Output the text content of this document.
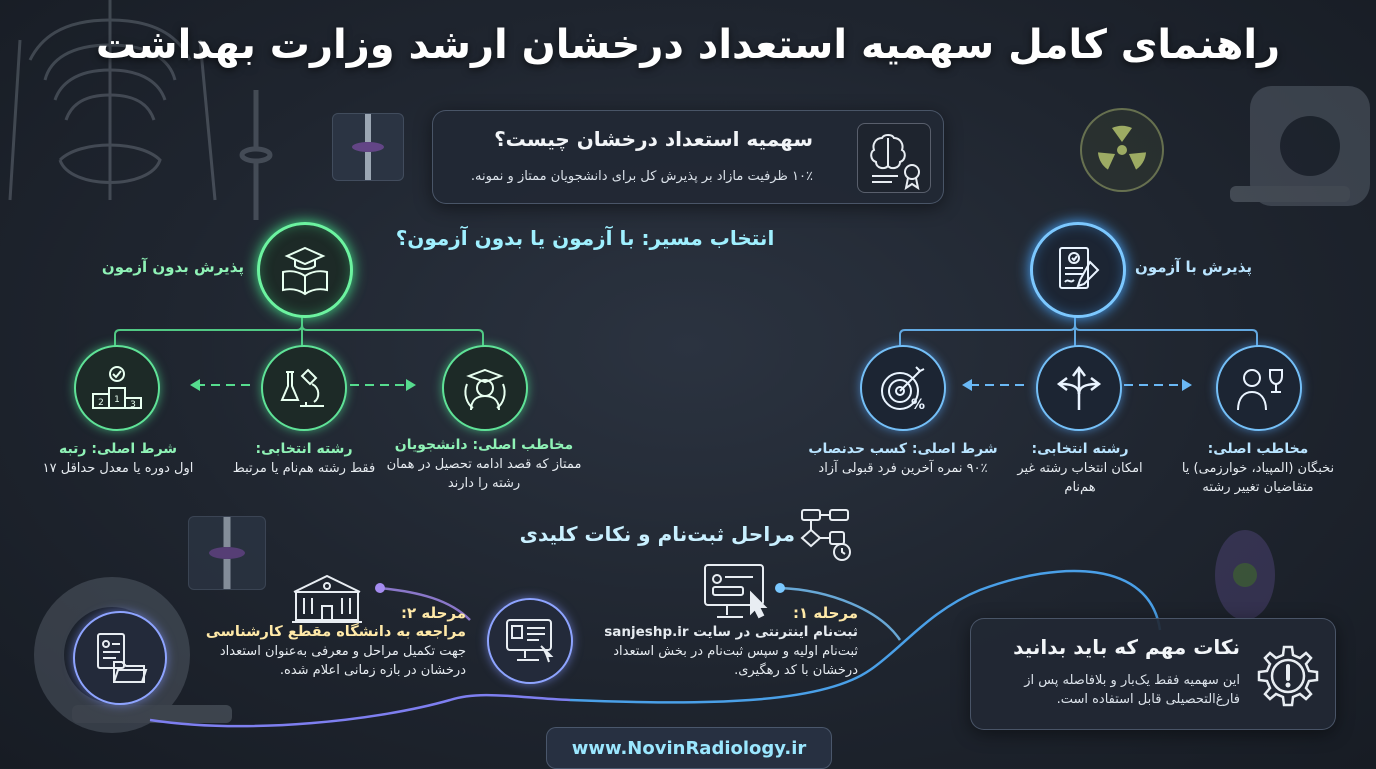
راهنمای کامل سهمیه استعداد درخشان ارشد وزارت بهداشت
سهمیه استعداد درخشان چیست؟
۱۰٪ ظرفیت مازاد بر پذیرش کل برای دانشجویان ممتاز و نمونه.
انتخاب مسیر: با آزمون یا بدون آزمون؟
پذیرش بدون آزمون
1
2	3
مخاطب اصلی: دانشجویان
ممتاز که قصد ادامه تحصیل در همان رشته را دارند
رشته انتخابی:
فقط رشته هم‌نام یا مرتبط
شرط اصلی: رتبه
اول دوره یا معدل حداقل ۱۷
پذیرش با آزمون
%
مخاطب اصلی:
نخبگان (المپیاد، خوارزمی) یا متقاضیان تغییر رشته
رشته انتخابی:
امکان انتخاب رشته غیر هم‌نام
شرط اصلی: کسب حدنصاب
۹۰٪ نمره آخرین فرد قبولی آزاد
مراحل ثبت‌نام و نکات کلیدی
مرحله ۱:
ثبت‌نام اینترنتی در سایت sanjeshp.ir
ثبت‌نام اولیه و سپس ثبت‌نام در بخش استعداد درخشان با کد رهگیری.
مرحله ۲:
مراجعه به دانشگاه مقطع کارشناسی
جهت تکمیل مراحل و معرفی به‌عنوان استعداد درخشان در بازه زمانی اعلام شده.
نکات مهم که باید بدانید
این سهمیه فقط یک‌بار و بلافاصله پس از فارغ‌التحصیلی قابل استفاده است.
www.NovinRadiology.ir
